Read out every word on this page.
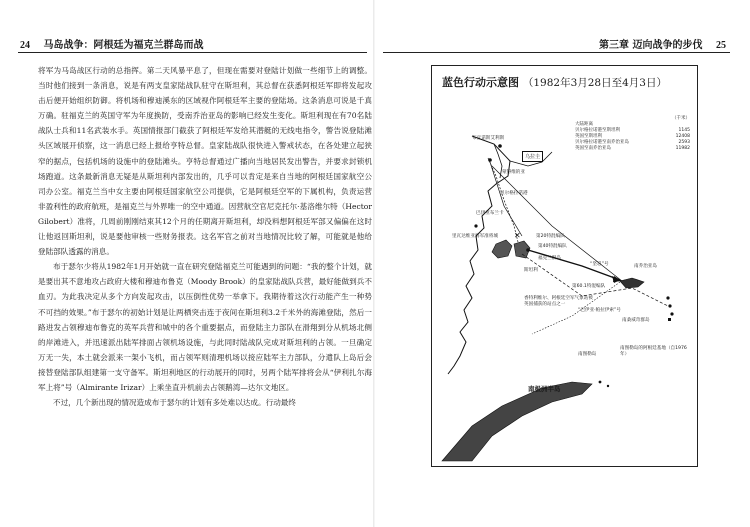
24 马岛战争：阿根廷为福克兰群岛而战

将军为马岛战区行动的总指挥。第二天风暴平息了，但现在需要对登陆计划做一些细节上的调整。当时他们接到一条消息，说是有两支皇家陆战队驻守在斯坦利，其总督在获悉阿根廷军即将发起攻击后便开始组织防御。将机场和穆迪溪东的区域视作阿根廷军主要的登陆场。这条消息可说是千真万确。驻福克兰的英国守军为年度换防，受南乔治亚岛的影响已经发生变化。斯坦利现在有70名陆战队士兵和11名武装水手。英国情报部门截获了阿根廷军发给其潜艇的无线电指令，警告说登陆滩头区域展开侦察，这一消息已经上报给亨特总督。皇家陆战队很快进入警戒状态，在各处建立起狭窄的据点，包括机场的设施中的登陆滩头。亨特总督通过广播向当地居民发出警告，并要求封锁机场跑道。这条最新消息无疑是从斯坦利内部发出的，几乎可以肯定是来自当地的阿根廷国家航空公司办公室。福克兰当中女主要由阿根廷国家航空公司提供，它是阿根廷空军的下属机构，负责运营非盈利性的政府航班，是福克兰与外界唯一的空中通道。因营航空官尼克托尔·基洛维尔特（Hector Gilobert）准将，几周前刚刚结束其12个月的任期离开斯坦利，却没料想阿根廷军部又偏偏在这时让他返回斯坦利，说是要他审核一些财务报表。这名军官之前对当地情况比较了解，可能就是他给登陆部队透露的消息。

布于瑟尔少将从1982年1月开始就一直在研究登陆福克兰可能遇到的问题：“我的整个计划，就是要出其不意地攻占政府大楼和穆迪布鲁克（Moody Brook）的皇家陆战队兵营，最好能做到兵不血刃。为此我决定从多个方向发起攻击，以压倒性优势一举拿下。我期待着这次行动能产生一种势不可挡的效果。”布于瑟尔的初始计划是让两栖突击连于夜间在斯坦利3.2千米外的海滩登陆，然后一路进发占领穆迪布鲁克的英军兵营和城中的各个重要据点，而登陆主力部队在滑翔到分从机场北侧的岸滩进入，并迅速派出陆军排面占领机场设施，与此同时陆战队完成对斯坦利的占领。一旦确定万无一失，本土就会派来一架小飞机，而占领军则清理机场以接应陆军主力部队，分遣队上岛后会接替登陆部队组建第一支守备军。斯坦利地区的行动展开的同时，另两个陆军排将会从“伊利扎尔海军上将”号（Almirante Irizar）上乘坐直升机前去占领鹅湾—达尔文地区。

不过，几个新出现的情况造成布于瑟尔的计划有多处难以达成。行动最终

第三章 迈向战争的步伐 25
✕
蓝色行动示意图 （1982年3月28日至4月3日）
（千米）
大陆距离
贝尔格拉诺港至斯坦利	1145
英国至斯坦利	12408
贝尔格拉诺港至南乔治亚岛	2593
英国至南乔治亚岛	11982
布宜诺斯艾利斯
乌拉圭
蒙得维的亚
贝尔格拉诺港
巴伊亚布兰卡
里瓦达维亚海军准将城	第20特混编队
第40特混编队
福克兰群岛
斯坦利
香特利维尔、阿根廷空军气象站被英国捕获的站点之一
“坚忍”号	南乔治亚岛
第60.1特混编队
“巴伊亚·帕拉伊索”号
南桑威奇群岛
南图勒岛
南图勒岛的阿根廷基地（自1976年）
南极洲半岛
